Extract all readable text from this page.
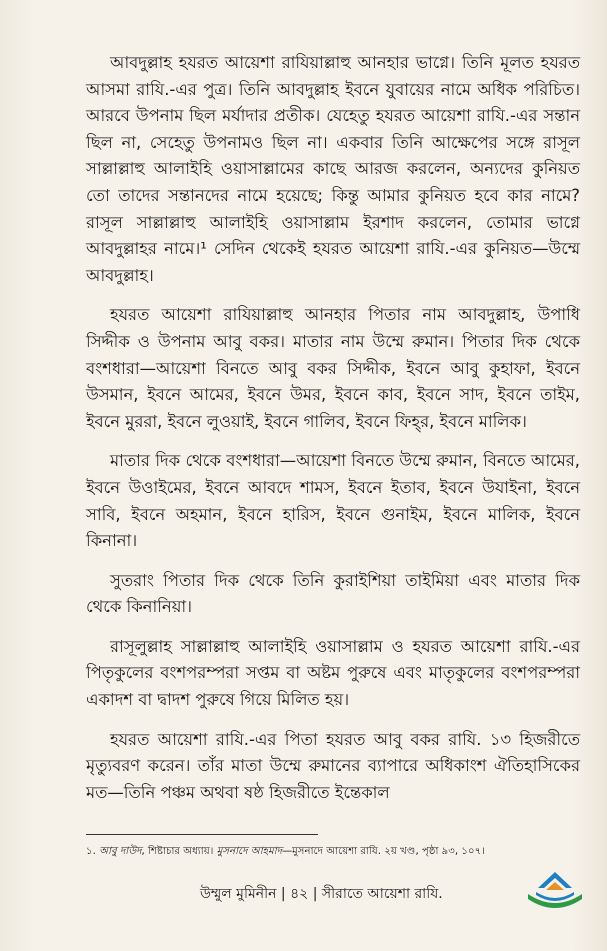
আবদুল্লাহ হযরত আয়েশা রাযিয়াল্লাহু আনহার ভাগ্নে। তিনি মূলত হযরত আসমা রাযি.-এর পুত্র। তিনি আবদুল্লাহ ইবনে যুবায়ের নামে অধিক পরিচিত। আরবে উপনাম ছিল মর্যাদার প্রতীক। যেহেতু হযরত আয়েশা রাযি.-এর সন্তান ছিল না, সেহেতু উপনামও ছিল না। একবার তিনি আক্ষেপের সঙ্গে রাসূল সাল্লাল্লাহু আলাইহি ওয়াসাল্লামের কাছে আরজ করলেন, অন্যদের কুনিয়ত তো তাদের সন্তানদের নামে হয়েছে; কিন্তু আমার কুনিয়ত হবে কার নামে? রাসূল সাল্লাল্লাহু আলাইহি ওয়াসাল্লাম ইরশাদ করলেন, তোমার ভাগ্নে আবদুল্লাহর নামে।¹ সেদিন থেকেই হযরত আয়েশা রাযি.-এর কুনিয়ত—উম্মে আবদুল্লাহ।

হযরত আয়েশা রাযিয়াল্লাহু আনহার পিতার নাম আবদুল্লাহ, উপাধি সিদ্দীক ও উপনাম আবু বকর। মাতার নাম উম্মে রুমান। পিতার দিক থেকে বংশধারা—আয়েশা বিনতে আবু বকর সিদ্দীক, ইবনে আবু কুহাফা, ইবনে উসমান, ইবনে আমের, ইবনে উমর, ইবনে কাব, ইবনে সাদ, ইবনে তাইম, ইবনে মুররা, ইবনে লুওয়াই, ইবনে গালিব, ইবনে ফিহ্‌র, ইবনে মালিক।

মাতার দিক থেকে বংশধারা—আয়েশা বিনতে উম্মে রুমান, বিনতে আমের, ইবনে উওাইমের, ইবনে আবদে শামস, ইবনে ইতাব, ইবনে উযাইনা, ইবনে সাবি, ইবনে অহমান, ইবনে হারিস, ইবনে গুনাইম, ইবনে মালিক, ইবনে কিনানা।

সুতরাং পিতার দিক থেকে তিনি কুরাইশিয়া তাইমিয়া এবং মাতার দিক থেকে কিনানিয়া।

রাসূলুল্লাহ সাল্লাল্লাহু আলাইহি ওয়াসাল্লাম ও হযরত আয়েশা রাযি.-এর পিতৃকুলের বংশপরম্পরা সপ্তম বা অষ্টম পুরুষে এবং মাতৃকুলের বংশপরম্পরা একাদশ বা দ্বাদশ পুরুষে গিয়ে মিলিত হয়।

হযরত আয়েশা রাযি.-এর পিতা হযরত আবু বকর রাযি. ১৩ হিজরীতে মৃত্যুবরণ করেন। তাঁর মাতা উম্মে রুমানের ব্যাপারে অধিকাংশ ঐতিহাসিকের মত—তিনি পঞ্চম অথবা ষষ্ঠ হিজরীতে ইন্তেকাল

১. আবু দাউদ, শিষ্টাচার অধ্যায়। মুসনাদে আহমাদ—মুসনাদে আয়েশা রাযি. ২য় খণ্ড, পৃষ্ঠা ৯৩, ১০৭।
উম্মুল মুমিনীন | ৪২ | সীরাতে আয়েশা রাযি.
